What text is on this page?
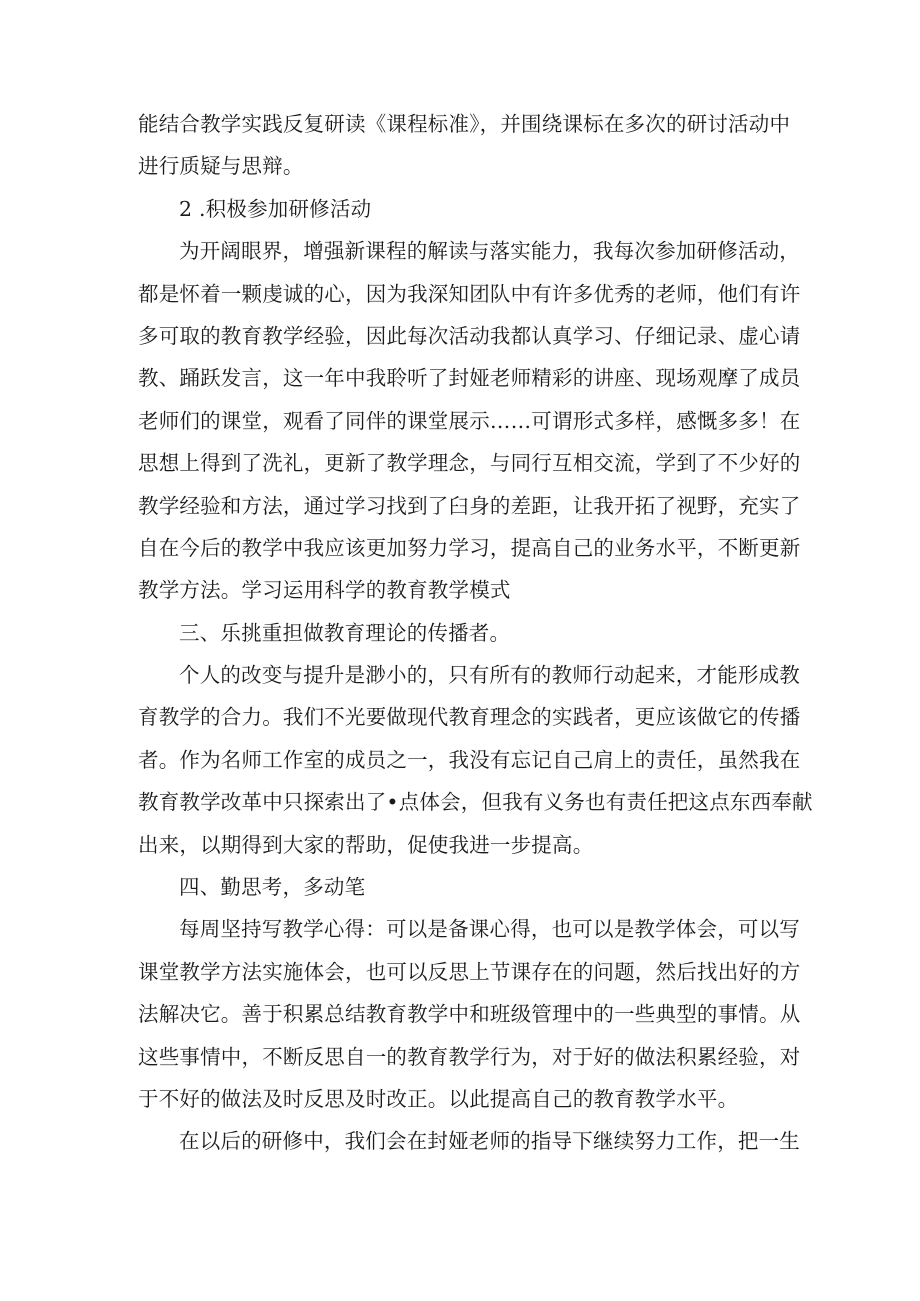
能结合教学实践反复研读《课程标准》，并围绕课标在多次的研讨活动中
进行质疑与思辩。
2 .积极参加研修活动
为开阔眼界，增强新课程的解读与落实能力，我每次参加研修活动，
都是怀着一颗虔诚的心，因为我深知团队中有许多优秀的老师，他们有许
多可取的教育教学经验，因此每次活动我都认真学习、仔细记录、虚心请
教、踊跃发言，这一年中我聆听了封娅老师精彩的讲座、现场观摩了成员
老师们的课堂，观看了同伴的课堂展示……可谓形式多样，感慨多多！在
思想上得到了洗礼，更新了教学理念，与同行互相交流，学到了不少好的
教学经验和方法，通过学习找到了臼身的差距，让我开拓了视野，充实了
自在今后的教学中我应该更加努力学习，提高自己的业务水平，不断更新
教学方法。学习运用科学的教育教学模式
三、乐挑重担做教育理论的传播者。
个人的改变与提升是渺小的，只有所有的教师行动起来，才能形成教
育教学的合力。我们不光要做现代教育理念的实践者，更应该做它的传播
者。作为名师工作室的成员之一，我没有忘记自己肩上的责任，虽然我在
教育教学改革中只探索出了•点体会，但我有义务也有责任把这点东西奉献
出来，以期得到大家的帮助，促使我进一步提高。
四、勤思考，多动笔
每周坚持写教学心得：可以是备课心得，也可以是教学体会，可以写
课堂教学方法实施体会，也可以反思上节课存在的问题，然后找出好的方
法解决它。善于积累总结教育教学中和班级管理中的一些典型的事情。从
这些事情中，不断反思自一的教育教学行为，对于好的做法积累经验，对
于不好的做法及时反思及时改正。以此提高自己的教育教学水平。
在以后的研修中，我们会在封娅老师的指导下继续努力工作，把一生
